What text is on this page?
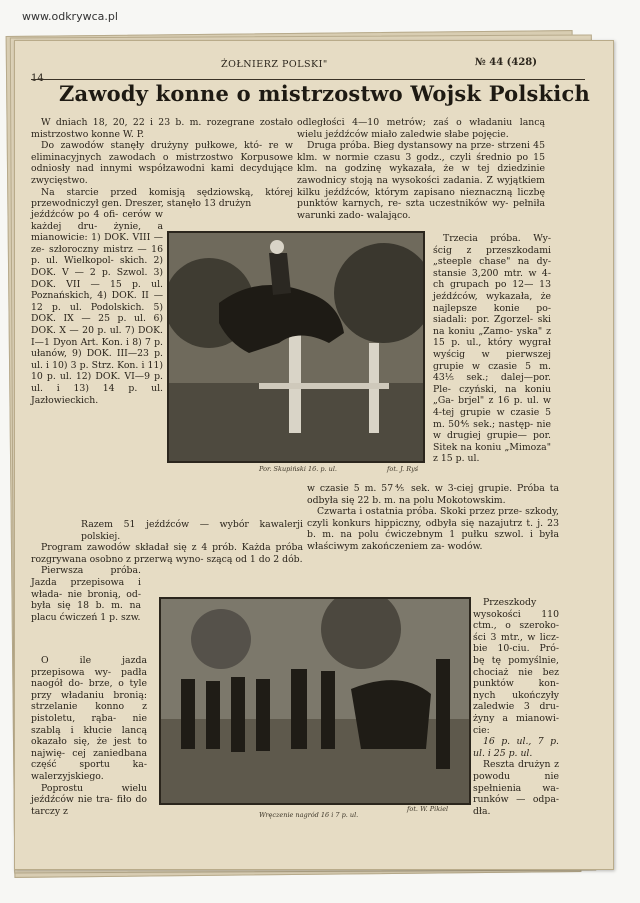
www.odkrywca.pl
14
ŻOŁNIERZ POLSKI"	№ 44 (428)
Zawody konne o mistrzostwo Wojsk Polskich

W dniach 18, 20, 22 i 23 b. m. rozegrane zostało mistrzostwo konne W. P.

Do zawodów stanęły drużyny pułkowe, któ- re w eliminacyjnych zawodach o mistrzostwo Korpusowe odniosły nad innymi współzawodni kami decydujące zwycięstwo.

Na starcie przed komisją sędziowską, której przewodniczył gen. Dreszer, stanęło 13 drużyn

jeźdźców po 4 ofi- cerów w każdej dru- żynie, a mianowicie: 1) DOK. VIII — ze- szłoroczny mistrz — 16 p. ul. Wielkopol- skich. 2) DOK. V — 2 p. Szwol. 3) DOK. VII — 15 p. ul. Poznańskich, 4) DOK. II — 12 p. ul. Podolskich. 5) DOK. IX — 25 p. ul. 6) DOK. X — 20 p. ul. 7) DOK. I—1 Dyon Art. Kon. i 8) 7 p. ułanów, 9) DOK. III—23 p. ul. i 10) 3 p. Strz. Kon. i 11) 10 p. ul. 12) DOK. VI—9 p. ul. i 13) 14 p. ul. Jazłowieckich.

odległości 4—10 metrów; zaś o władaniu lancą wielu jeźdźców miało zaledwie słabe pojęcie.

Druga próba. Bieg dystansowy na prze- strzeni 45 klm. w normie czasu 3 godz., czyli średnio po 15 klm. na godzinę wykazała, że w tej dziedzinie zawodnicy stoją na wysokości zadania. Z wyjątkiem kilku jeźdźców, którym zapisano nieznaczną liczbę punktów karnych, re- szta uczestników wy- pełniła warunki zado- walająco.

Trzecia próba. Wy- ścig z przeszkodami „steeple chase" na dy- stansie 3,200 mtr. w 4-ch grupach po 12— 13 jeźdźców, wykazała, że najlepsze konie po- siadali: por. Zgorzel- ski na koniu „Zamo- yska" z 15 p. ul., który wygrał wyścig w pierwszej grupie w czasie 5 m. 43⅕ sek.; dalej—por. Ple- czyński, na koniu „Ga- brjel" z 16 p. ul. w 4-tej grupie w czasie 5 m. 50⅘ sek.; następ- nie w drugiej grupie— por. Sitek na koniu „Mimoza" z 15 p. ul.

Por. Skupiński 16. p. ul.	fot. J. Ryś

Razem 51 jeźdźców — wybór kawalerji polskiej.

Program zawodów składał się z 4 prób. Każda próba rozgrywana osobno z przerwą wyno- szącą od 1 do 2 dób.

Pierwsza próba. Jazda przepisowa i włada- nie bronią, od- była się 18 b. m. na placu ćwiczeń 1 p. szw.

w czasie 5 m. 57⅘ sek. w 3-ciej grupie. Próba ta odbyła się 22 b. m. na polu Mokotowskim.

Czwarta i ostatnia próba. Skoki przez prze- szkody, czyli konkurs hippiczny, odbyła się nazajutrz t. j. 23 b. m. na polu ćwiczebnym 1 pułku szwol. i była właściwym zakończeniem za- wodów.

Wręczenie nagród 16 i 7 p. ul.
fot. W. Pikiel

O ile jazda przepisowa wy- padła naogół do- brze, o tyle przy władaniu bronią: strzelanie konno z pistoletu, rąba- nie szablą i kłucie lancą okazało się, że jest to najwię- cej zaniedbana część sportu ka- walerzyjskiego.

Poprostu wielu jeźdźców nie tra- fiło do tarczy z

Przeszkody wysokości 110 ctm., o szeroko- ści 3 mtr., w licz- bie 10-ciu. Pró- bę tę pomyślnie, chociaż nie bez punktów kon- nych ukończyły zaledwie 3 dru- żyny a mianowi- cie:

16 p. ul., 7 p. ul. i 25 p. ul.

Reszta drużyn z powodu nie spełnienia wa- runków — odpa- dła.
